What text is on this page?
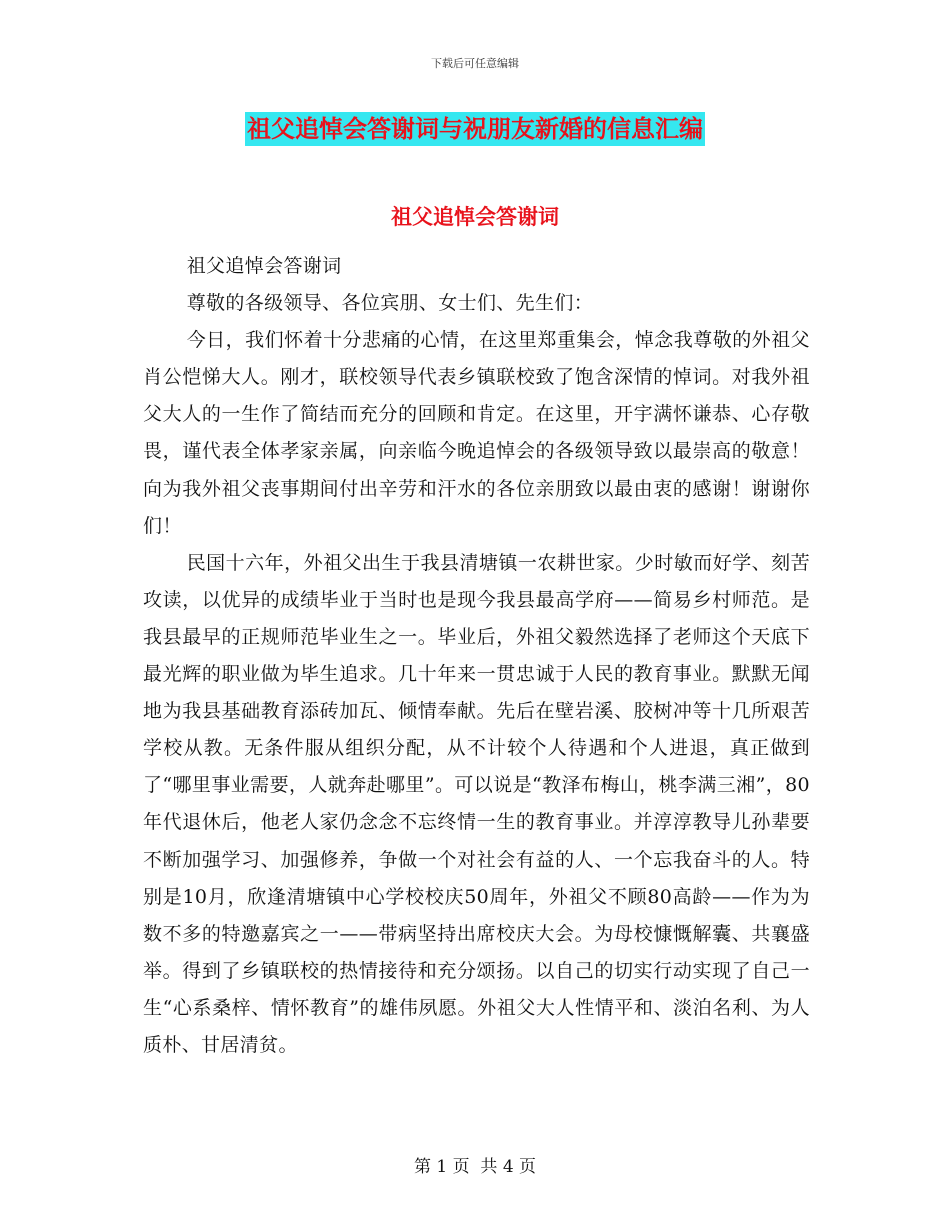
下载后可任意编辑
祖父追悼会答谢词与祝朋友新婚的信息汇编
祖父追悼会答谢词

祖父追悼会答谢词

尊敬的各级领导、各位宾朋、女士们、先生们：

今日，我们怀着十分悲痛的心情，在这里郑重集会，悼念我尊敬的外祖父肖公恺悌大人。刚才，联校领导代表乡镇联校致了饱含深情的悼词。对我外祖父大人的一生作了简结而充分的回顾和肯定。在这里，开宇满怀谦恭、心存敬畏，谨代表全体孝家亲属，向亲临今晚追悼会的各级领导致以最崇高的敬意！向为我外祖父丧事期间付出辛劳和汗水的各位亲朋致以最由衷的感谢！谢谢你们！

民国十六年，外祖父出生于我县清塘镇一农耕世家。少时敏而好学、刻苦攻读，以优异的成绩毕业于当时也是现今我县最高学府——简易乡村师范。是我县最早的正规师范毕业生之一。毕业后，外祖父毅然选择了老师这个天底下最光辉的职业做为毕生追求。几十年来一贯忠诚于人民的教育事业。默默无闻地为我县基础教育添砖加瓦、倾情奉献。先后在壁岩溪、胶树冲等十几所艰苦学校从教。无条件服从组织分配，从不计较个人待遇和个人进退，真正做到了“哪里事业需要，人就奔赴哪里”。可以说是“教泽布梅山，桃李满三湘”，80年代退休后，他老人家仍念念不忘终情一生的教育事业。并淳淳教导儿孙辈要不断加强学习、加强修养，争做一个对社会有益的人、一个忘我奋斗的人。特别是10月，欣逢清塘镇中心学校校庆50周年，外祖父不顾80高龄——作为为数不多的特邀嘉宾之一——带病坚持出席校庆大会。为母校慷慨解囊、共襄盛举。得到了乡镇联校的热情接待和充分颂扬。以自己的切实行动实现了自己一生“心系桑梓、情怀教育”的雄伟夙愿。外祖父大人性情平和、淡泊名利、为人质朴、甘居清贫。

第 1 页  共 4 页
